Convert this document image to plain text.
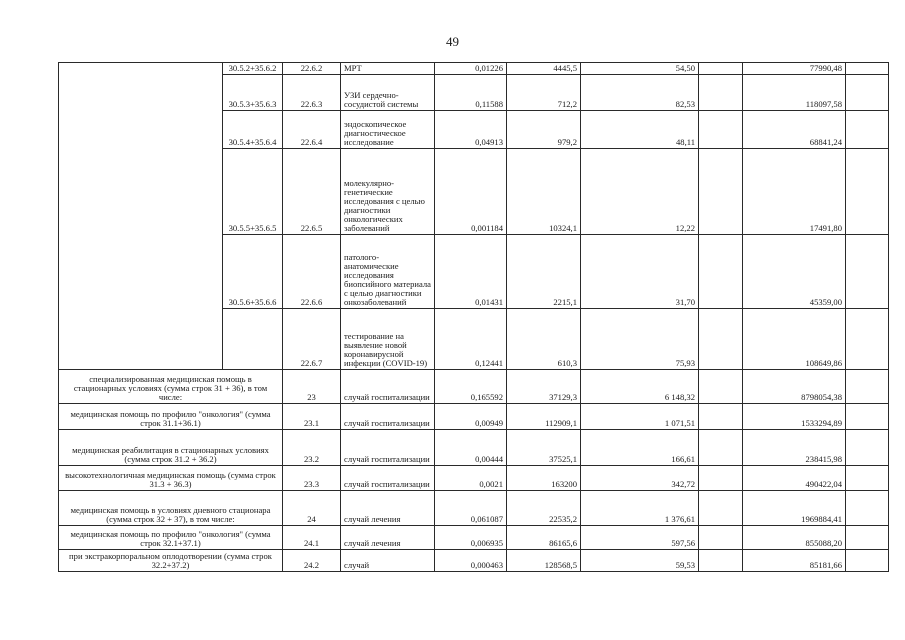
49
	30.5.2+35.6.2	22.6.2	МРТ	0,01226	4445,5	54,50		77990,48	
	30.5.3+35.6.3	22.6.3	УЗИ сердечно-сосудистой системы	0,11588	712,2	82,53		118097,58	
	30.5.4+35.6.4	22.6.4	эндоскопическое диагностическое исследование	0,04913	979,2	48,11		68841,24	
	30.5.5+35.6.5	22.6.5	молекулярно-генетические исследования с целью диагностики онкологических заболеваний	0,001184	10324,1	12,22		17491,80	
	30.5.6+35.6.6	22.6.6	патолого-анатомические исследования биопсийного материала с целью диагностики онкозаболеваний	0,01431	2215,1	31,70		45359,00	
		22.6.7	тестирование на выявление новой коронавирусной инфекции (COVID-19)	0,12441	610,3	75,93		108649,86	
специализированная медицинская помощь в стационарных условиях (сумма строк 31 + 36), в том числе:		23	случай госпитализации	0,165592	37129,3	6 148,32		8798054,38	
медицинская помощь по профилю "онкология" (сумма строк 31.1+36.1)		23.1	случай госпитализации	0,00949	112909,1	1 071,51		1533294,89	
медицинская реабилитация в стационарных условиях (сумма строк 31.2 + 36.2)		23.2	случай госпитализации	0,00444	37525,1	166,61		238415,98	
высокотехнологичная медицинская помощь (сумма строк 31.3 + 36.3)		23.3	случай госпитализации	0,0021	163200	342,72		490422,04	
медицинская помощь в условиях дневного стационара (сумма строк 32 + 37), в том числе:		24	случай лечения	0,061087	22535,2	1 376,61		1969884,41	
медицинская помощь по профилю "онкология" (сумма строк 32.1+37.1)		24.1	случай лечения	0,006935	86165,6	597,56		855088,20	
при экстракорпоральном оплодотворении (сумма строк 32.2+37.2)		24.2	случай	0,000463	128568,5	59,53		85181,66	
